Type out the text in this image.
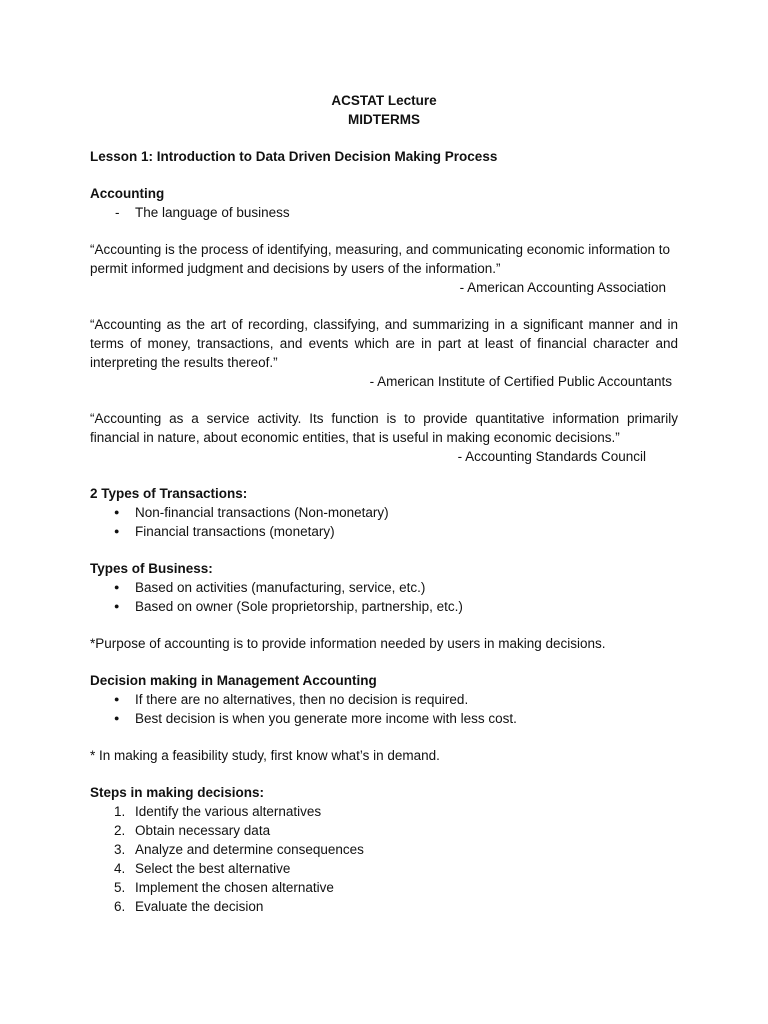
ACSTAT Lecture

MIDTERMS

Lesson 1: Introduction to Data Driven Decision Making Process

Accounting

- The language of business

“Accounting is the process of identifying, measuring, and communicating economic information to permit informed judgment and decisions by users of the information.”

- American Accounting Association

“Accounting as the art of recording, classifying, and summarizing in a significant manner and in terms of money, transactions, and events which are in part at least of financial character and interpreting the results thereof.”

- American Institute of Certified Public Accountants

“Accounting as a service activity. Its function is to provide quantitative information primarily financial in nature, about economic entities, that is useful in making economic decisions.”

- Accounting Standards Council

2 Types of Transactions:

● Non-financial transactions (Non-monetary)
● Financial transactions (monetary)

Types of Business:

● Based on activities (manufacturing, service, etc.)
● Based on owner (Sole proprietorship, partnership, etc.)

*Purpose of accounting is to provide information needed by users in making decisions.

Decision making in Management Accounting

● If there are no alternatives, then no decision is required.
● Best decision is when you generate more income with less cost.

* In making a feasibility study, first know what’s in demand.

Steps in making decisions:

1. Identify the various alternatives
2. Obtain necessary data
3. Analyze and determine consequences
4. Select the best alternative
5. Implement the chosen alternative
6. Evaluate the decision
